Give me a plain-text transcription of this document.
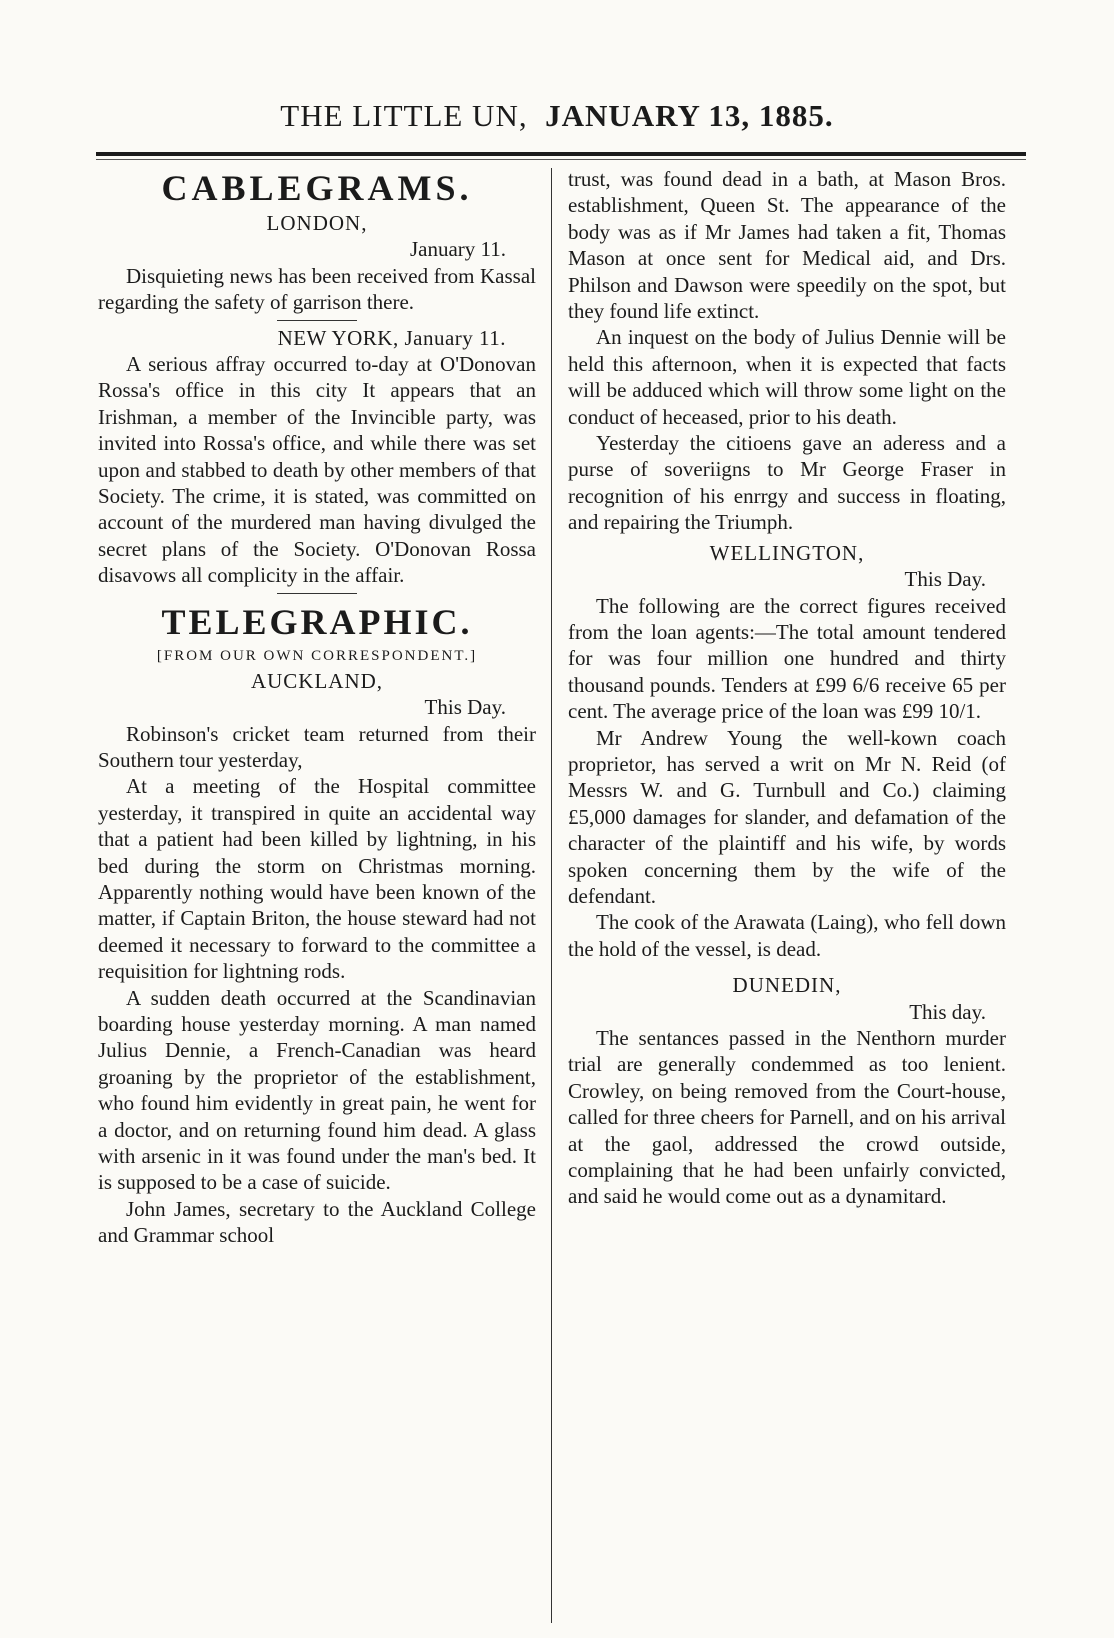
THE LITTLE UN, JANUARY 13, 1885.
CABLEGRAMS.
LONDON,
January 11.

Disquieting news has been received from Kassal regarding the safety of garrison there.

NEW YORK, January 11.

A serious affray occurred to-day at O'Donovan Rossa's office in this city It appears that an Irishman, a member of the Invincible party, was invited into Rossa's office, and while there was set upon and stabbed to death by other members of that Society. The crime, it is stated, was committed on account of the murdered man having divulged the secret plans of the Society. O'Donovan Rossa disavows all complicity in the affair.

TELEGRAPHIC.
[FROM OUR OWN CORRESPONDENT.]
AUCKLAND,
This Day.

Robinson's cricket team returned from their Southern tour yesterday,

At a meeting of the Hospital committee yesterday, it transpired in quite an accidental way that a patient had been killed by lightning, in his bed during the storm on Christmas morning. Apparently nothing would have been known of the matter, if Captain Briton, the house steward had not deemed it necessary to forward to the committee a requisition for lightning rods.

A sudden death occurred at the Scandinavian boarding house yesterday morning. A man named Julius Dennie, a French-Canadian was heard groaning by the proprietor of the establishment, who found him evidently in great pain, he went for a doctor, and on returning found him dead. A glass with arsenic in it was found under the man's bed. It is supposed to be a case of suicide.

John James, secretary to the Auckland College and Grammar school

trust, was found dead in a bath, at Mason Bros. establishment, Queen St. The appearance of the body was as if Mr James had taken a fit, Thomas Mason at once sent for Medical aid, and Drs. Philson and Dawson were speedily on the spot, but they found life extinct.

An inquest on the body of Julius Dennie will be held this afternoon, when it is expected that facts will be adduced which will throw some light on the conduct of heceased, prior to his death.

Yesterday the citioens gave an aderess and a purse of soveriigns to Mr George Fraser in recognition of his enrrgy and success in floating, and repairing the Triumph.

WELLINGTON,
This Day.

The following are the correct figures received from the loan agents:—The total amount tendered for was four million one hundred and thirty thousand pounds. Tenders at £99 6/6 receive 65 per cent. The average price of the loan was £99 10/1.

Mr Andrew Young the well-kown coach proprietor, has served a writ on Mr N. Reid (of Messrs W. and G. Turnbull and Co.) claiming £5,000 damages for slander, and defamation of the character of the plaintiff and his wife, by words spoken concerning them by the wife of the defendant.

The cook of the Arawata (Laing), who fell down the hold of the vessel, is dead.

DUNEDIN,
This day.

The sentances passed in the Nenthorn murder trial are generally condemmed as too lenient. Crowley, on being removed from the Court-house, called for three cheers for Parnell, and on his arrival at the gaol, addressed the crowd outside, complaining that he had been unfairly convicted, and said he would come out as a dynamitard.
